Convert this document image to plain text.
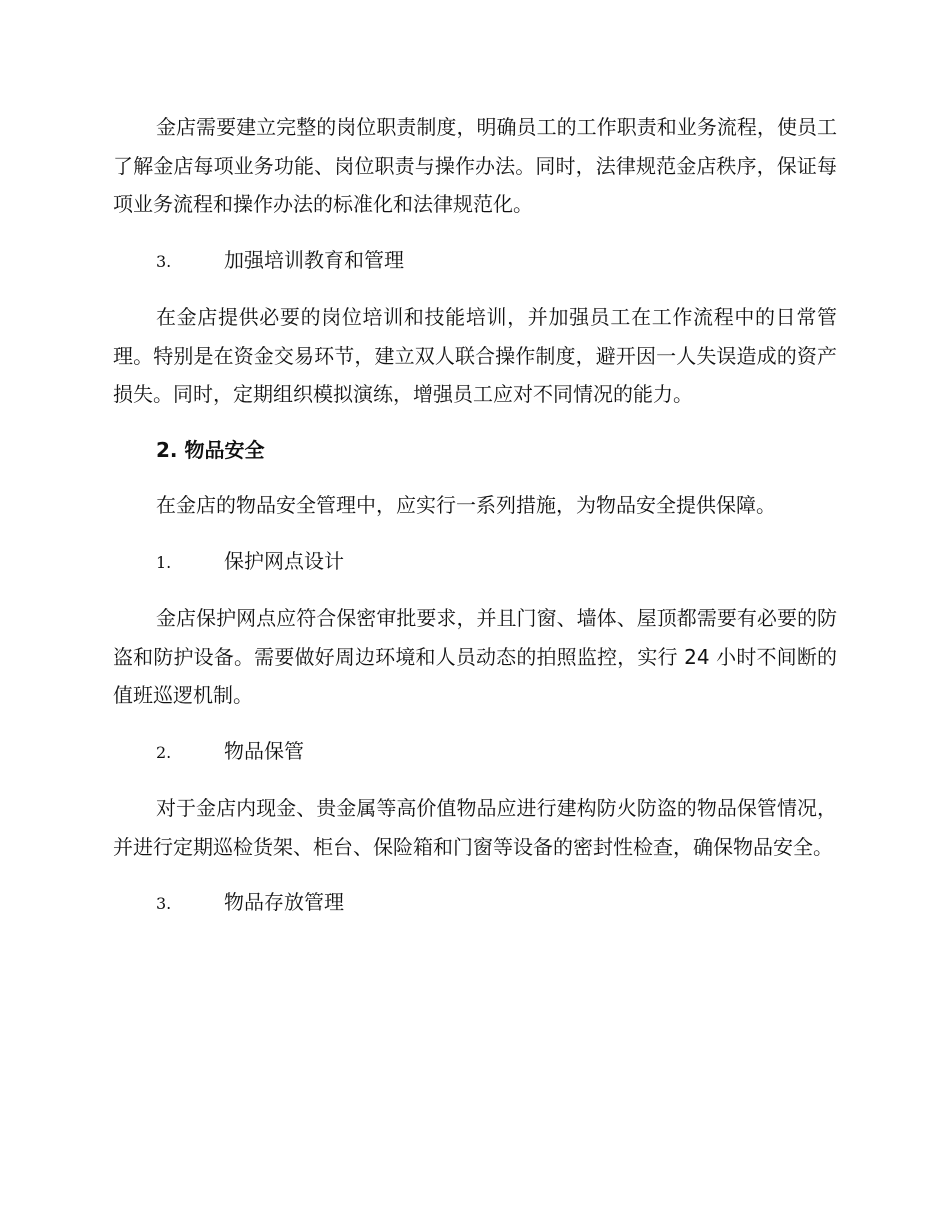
金店需要建立完整的岗位职责制度，明确员工的工作职责和业务流程，使员工了解金店每项业务功能、岗位职责与操作办法。同时，法律规范金店秩序，保证每项业务流程和操作办法的标准化和法律规范化。

3.	加强培训教育和管理

在金店提供必要的岗位培训和技能培训，并加强员工在工作流程中的日常管理。特别是在资金交易环节，建立双人联合操作制度，避开因一人失误造成的资产损失。同时，定期组织模拟演练，增强员工应对不同情况的能力。

2. 物品安全

在金店的物品安全管理中，应实行一系列措施，为物品安全提供保障。

1.	保护网点设计

金店保护网点应符合保密审批要求，并且门窗、墙体、屋顶都需要有必要的防盗和防护设备。需要做好周边环境和人员动态的拍照监控，实行 24 小时不间断的值班巡逻机制。

2.	物品保管

对于金店内现金、贵金属等高价值物品应进行建构防火防盗的物品保管情况，并进行定期巡检货架、柜台、保险箱和门窗等设备的密封性检查，确保物品安全。

3.	物品存放管理
